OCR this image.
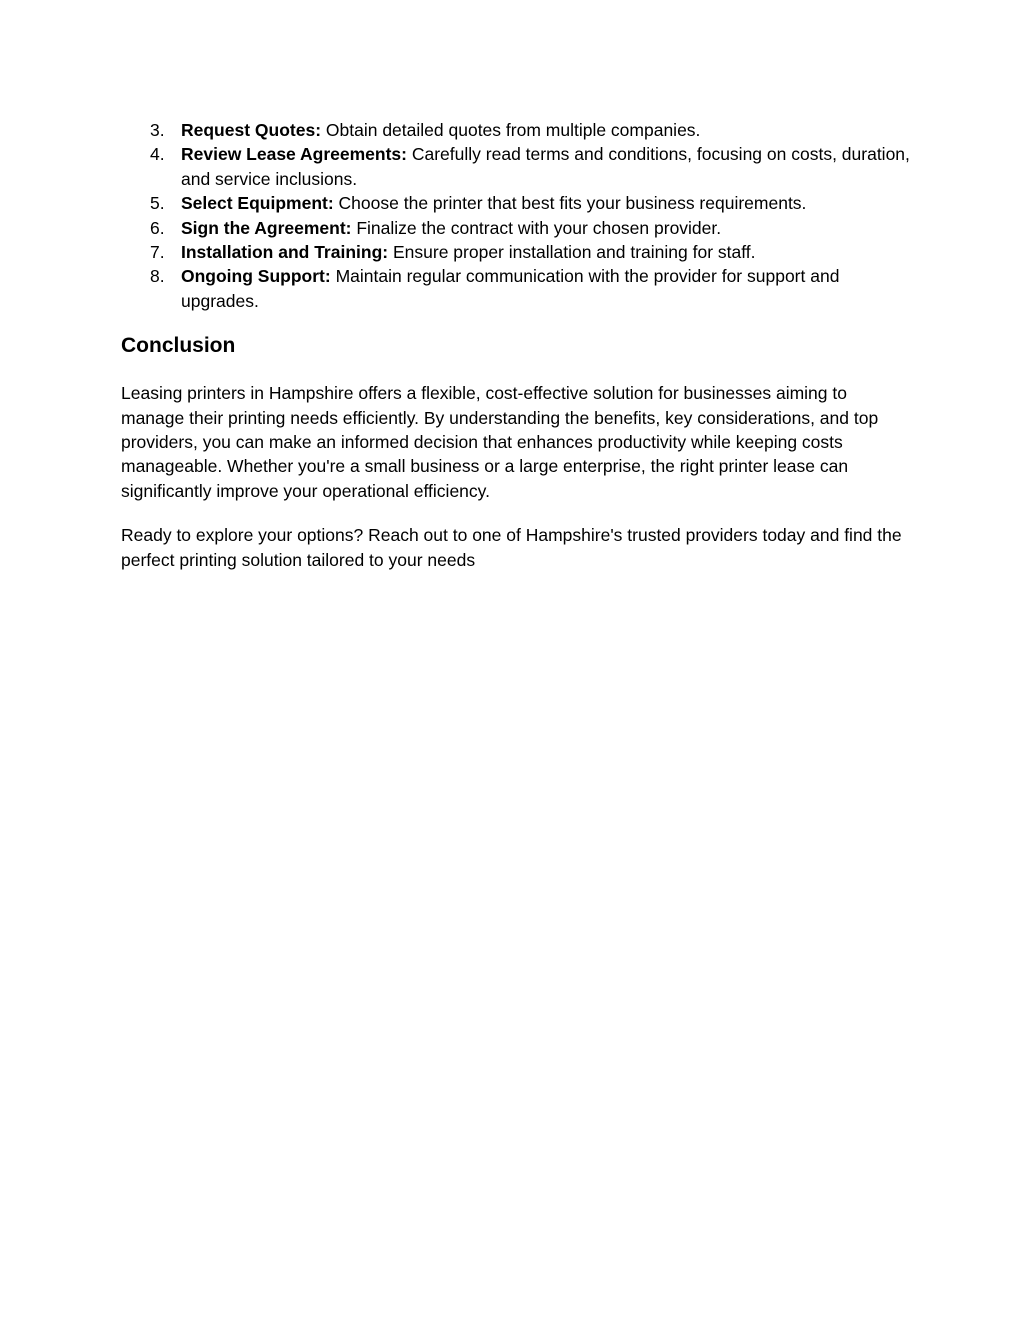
3. Request Quotes: Obtain detailed quotes from multiple companies.
4. Review Lease Agreements: Carefully read terms and conditions, focusing on costs, duration, and service inclusions.
5. Select Equipment: Choose the printer that best fits your business requirements.
6. Sign the Agreement: Finalize the contract with your chosen provider.
7. Installation and Training: Ensure proper installation and training for staff.
8. Ongoing Support: Maintain regular communication with the provider for support and upgrades.
Conclusion

Leasing printers in Hampshire offers a flexible, cost-effective solution for businesses aiming to manage their printing needs efficiently. By understanding the benefits, key considerations, and top providers, you can make an informed decision that enhances productivity while keeping costs manageable. Whether you're a small business or a large enterprise, the right printer lease can significantly improve your operational efficiency.

Ready to explore your options? Reach out to one of Hampshire's trusted providers today and find the perfect printing solution tailored to your needs
